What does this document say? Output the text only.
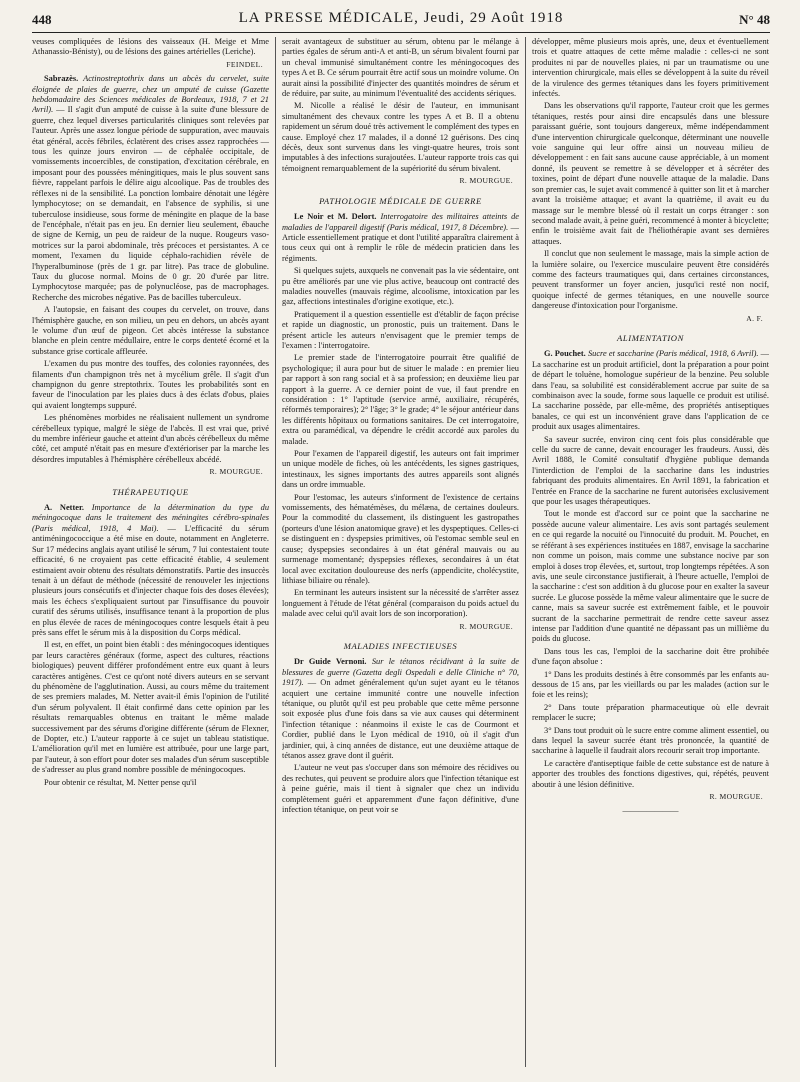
448	LA PRESSE MÉDICALE, Jeudi, 29 Août 1918	N° 48

veuses compliquées de lésions des vaisseaux (H. Meige et Mme Athanassio-Bénisty), ou de lésions des gaines artérielles (Leriche).

FEINDEL.

Sabrazès. Actinostreptothrix dans un abcès du cervelet, suite éloignée de plaies de guerre, chez un amputé de cuisse (Gazette hebdomadaire des Sciences médicales de Bordeaux, 1918, 7 et 21 Avril). — Il s'agit d'un amputé de cuisse à la suite d'une blessure de guerre, chez lequel diverses particularités cliniques sont relevées par l'auteur. Après une assez longue période de suppuration, avec mauvais état général, accès fébriles, éclatèrent des crises assez rapprochées — tous les quinze jours environ — de céphalée occipitale, de vomissements incoercibles, de constipation, d'excitation cérébrale, en imposant pour des poussées méningitiques, mais le plus souvent sans fièvre, rappelant parfois le délire aigu alcoolique. Pas de troubles des réflexes ni de la sensibilité. La ponction lombaire dénotait une légère lymphocytose; on se demandait, en l'absence de syphilis, si une tuberculose insidieuse, sous forme de méningite en plaque de la base de l'encéphale, n'était pas en jeu. En dernier lieu seulement, ébauche de signe de Kernig, un peu de raideur de la nuque. Rougeurs vaso-motrices sur la paroi abdominale, très précoces et persistantes. A ce moment, l'examen du liquide céphalo-rachidien révèle de l'hyperalbuminose (près de 1 gr. par litre). Pas trace de globuline. Taux du glucose normal. Moins de 0 gr. 20 d'urée par litre. Lymphocytose marquée; pas de polynucléose, pas de macrophages. Recherche des microbes négative. Pas de bacilles tuberculeux.

A l'autopsie, en faisant des coupes du cervelet, on trouve, dans l'hémisphère gauche, en son milieu, un peu en dehors, un abcès ayant le volume d'un œuf de pigeon. Cet abcès intéresse la substance blanche en plein centre médullaire, entre le corps denteté écorné et la substance grise corticale affleurée.

L'examen du pus montre des touffes, des colonies rayonnées, des filaments d'un champignon très net à mycélium grêle. Il s'agit d'un champignon du genre streptothrix. Toutes les probabilités sont en faveur de l'inoculation par les plaies ducs à des éclats d'obus, plaies qui avaient longtemps suppuré.

Les phénomènes morbides ne réalisaient nullement un syndrome cérébelleux typique, malgré le siège de l'abcès. Il est vrai que, privé du membre inférieur gauche et atteint d'un abcès cérébelleux du même côté, cet amputé n'était pas en mesure d'extérioriser par la marche les désordres imputables à l'hémisphère cérébelleux abcédé.

R. MOURGUE.
THÉRAPEUTIQUE

A. Netter. Importance de la détermination du type du méningocoque dans le traitement des méningites cérébro-spinales (Paris médical, 1918, 4 Mai). — L'efficacité du sérum antiméningococcique a été mise en doute, notamment en Angleterre. Sur 17 médecins anglais ayant utilisé le sérum, 7 lui contestaient toute efficacité, 6 ne croyaient pas cette efficacité établie, 4 seulement estimaient avoir obtenu des résultats démonstratifs. Partie des insuccès tenait à un défaut de méthode (nécessité de renouveler les injections plusieurs jours consécutifs et d'injecter chaque fois des doses élevées); mais les échecs s'expliquaient surtout par l'insuffisance du pouvoir curatif des sérums utilisés, insuffisance tenant à la proportion de plus en plus élevée de races de méningocoques contre lesquels était à peu près sans effet le sérum mis à la disposition du Corps médical.

Il est, en effet, un point bien établi : des méningocoques identiques par leurs caractères généraux (forme, aspect des cultures, réactions biologiques) peuvent différer profondément entre eux quant à leurs caractères antigènes. C'est ce qu'ont noté divers auteurs en se servant du phénomène de l'agglutination. Aussi, au cours même du traitement de ses premiers malades, M. Netter avait-il émis l'opinion de l'utilité d'un sérum polyvalent. Il était confirmé dans cette opinion par les résultats remarquables obtenus en traitant le même malade successivement par des sérums d'origine différente (sérum de Flexner, de Dopter, etc.) L'auteur rapporte à ce sujet un tableau statistique. L'amélioration qu'il met en lumière est attribuée, pour une large part, par l'auteur, à son effort pour doter ses malades d'un sérum susceptible de s'adresser au plus grand nombre possible de méningocoques.

Pour obtenir ce résultat, M. Netter pense qu'il

serait avantageux de substituer au sérum, obtenu par le mélange à parties égales de sérum anti-A et anti-B, un sérum bivalent fourni par un cheval immunisé simultanément contre les méningocoques des types A et B. Ce sérum pourrait être actif sous un moindre volume. On aurait ainsi la possibilité d'injecter des quantités moindres de sérum et de réduire, par suite, au minimum l'éventualité des accidents sériques.

M. Nicolle a réalisé le désir de l'auteur, en immunisant simultanément des chevaux contre les types A et B. Il a obtenu rapidement un sérum doué très activement le complément des types en cause. Employé chez 17 malades, il a donné 12 guérisons. Des cinq décès, deux sont survenus dans les vingt-quatre heures, trois sont imputables à des infections surajoutées. L'auteur rapporte trois cas qui témoignent remarquablement de la supériorité du sérum bivalent.

R. MOURGUE.
PATHOLOGIE MÉDICALE DE GUERRE

Le Noir et M. Delort. Interrogatoire des militaires atteints de maladies de l'appareil digestif (Paris médical, 1917, 8 Décembre). — Article essentiellement pratique et dont l'utilité apparaîtra clairement à tous ceux qui ont à remplir le rôle de médecin praticien dans les régiments.

Si quelques sujets, auxquels ne convenait pas la vie sédentaire, ont pu être améliorés par une vie plus active, beaucoup ont contracté des maladies nouvelles (mauvais régime, alcoolisme, intoxication par les gaz, affections intestinales d'origine exotique, etc.).

Pratiquement il a question essentielle est d'établir de façon précise et rapide un diagnostic, un pronostic, puis un traitement. Dans le présent article les auteurs n'envisagent que le premier temps de l'examen : l'interrogatoire.

Le premier stade de l'interrogatoire pourrait être qualifié de psychologique; il aura pour but de situer le malade : en premier lieu par rapport à son rang social et à sa profession; en deuxième lieu par rapport à la guerre. A ce dernier point de vue, il faut prendre en considération : 1° l'aptitude (service armé, auxiliaire, récupérés, réformés temporaires); 2° l'âge; 3° le grade; 4° le séjour antérieur dans les différents hôpitaux ou formations sanitaires. De cet interrogatoire, extra ou paramédical, va dépendre le crédit accordé aux paroles du malade.

Pour l'examen de l'appareil digestif, les auteurs ont fait imprimer un unique modèle de fiches, où les antécédents, les signes gastriques, intestinaux, les signes importants des autres appareils sont alignés dans un ordre immuable.

Pour l'estomac, les auteurs s'informent de l'existence de certains vomissements, des hématémèses, du mélæna, de certaines douleurs. Pour la commodité du classement, ils distinguent les gastropathes (porteurs d'une lésion anatomique grave) et les dyspeptiques. Celles-ci se distinguent en : dyspepsies primitives, où l'estomac semble seul en cause; dyspepsies secondaires à un état général mauvais ou au surmenage momentané; dyspepsies réflexes, secondaires à un état local avec excitation douloureuse des nerfs (appendicite, cholécystite, lithiase biliaire ou rénale).

En terminant les auteurs insistent sur la nécessité de s'arrêter assez longuement à l'étude de l'état général (comparaison du poids actuel du malade avec celui qu'il avait lors de son incorporation).

R. MOURGUE.
MALADIES INFECTIEUSES

Dr Guide Vernoni. Sur le tétanos récidivant à la suite de blessures de guerre (Gazetta degli Ospedali e delle Cliniche n° 70, 1917). — On admet généralement qu'un sujet ayant eu le tétanos acquiert une certaine immunité contre une nouvelle infection tétanique, ou plutôt qu'il est peu probable que cette même personne soit exposée plus d'une fois dans sa vie aux causes qui déterminent l'infection tétanique : néanmoins il existe le cas de Courmont et Cordier, publié dans le Lyon médical de 1910, où il s'agit d'un jardinier, qui, à cinq années de distance, eut une deuxième attaque de tétanos assez grave dont il guérit.

L'auteur ne veut pas s'occuper dans son mémoire des récidives ou des rechutes, qui peuvent se produire alors que l'infection tétanique est à peine guérie, mais il tient à signaler que chez un individu complètement guéri et apparemment d'une façon définitive, d'une infection tétanique, on peut voir se

développer, même plusieurs mois après, une, deux et éventuellement trois et quatre attaques de cette même maladie : celles-ci ne sont produites ni par de nouvelles plaies, ni par un traumatisme ou une intervention chirurgicale, mais elles se développent à la suite du réveil de la virulence des germes tétaniques dans les foyers primitivement infectés.

Dans les observations qu'il rapporte, l'auteur croit que les germes tétaniques, restés pour ainsi dire encapsulés dans une blessure paraissant guérie, sont toujours dangereux, même indépendamment d'une intervention chirurgicale quelconque, déterminant une nouvelle voie sanguine qui leur offre ainsi un nouveau milieu de développement : en fait sans aucune cause appréciable, à un moment donné, ils peuvent se remettre à se développer et à sécréter des toxines, point de départ d'une nouvelle attaque de la maladie. Dans son premier cas, le sujet avait commencé à quitter son lit et à marcher avant la troisième attaque; et avant la quatrième, il avait eu du massage sur le membre blessé où il restait un corps étranger : son second malade avait, à peine guéri, recommencé à monter à bicyclette; enfin le troisième avait fait de l'héliothérapie avant ses dernières attaques.

Il conclut que non seulement le massage, mais la simple action de la lumière solaire, ou l'exercice musculaire peuvent être considérés comme des facteurs traumatiques qui, dans certaines circonstances, peuvent transformer un foyer ancien, jusqu'ici resté non nocif, quoique infecté de germes tétaniques, en une nouvelle source dangereuse d'intoxication pour l'organisme.

A. F.
ALIMENTATION

G. Pouchet. Sucre et saccharine (Paris médical, 1918, 6 Avril). — La saccharine est un produit artificiel, dont la préparation a pour point de départ le toluène, homologue supérieur de la benzine. Peu soluble dans l'eau, sa solubilité est considérablement accrue par suite de sa combinaison avec la soude, forme sous laquelle ce produit est utilisé. La saccharine possède, par elle-même, des propriétés antiseptiques banales, ce qui est un inconvénient grave dans l'application de ce produit aux usages alimentaires.

Sa saveur sucrée, environ cinq cent fois plus considérable que celle du sucre de canne, devait encourager les fraudeurs. Aussi, dès Avril 1888, le Comité consultatif d'hygiène publique demanda l'interdiction de l'emploi de la saccharine dans les industries fabriquant des produits alimentaires. En Avril 1891, la fabrication et l'entrée en France de la saccharine ne furent autorisées exclusivement que pour les usages thérapeutiques.

Tout le monde est d'accord sur ce point que la saccharine ne possède aucune valeur alimentaire. Les avis sont partagés seulement en ce qui regarde la nocuité ou l'innocuité du produit. M. Pouchet, en se référant à ses expériences instituées en 1887, envisage la saccharine non comme un poison, mais comme une substance nocive par son emploi à doses trop élevées, et, surtout, trop longtemps répétées. A son avis, une seule circonstance justifierait, à l'heure actuelle, l'emploi de la saccharine : c'est son addition à du glucose pour en exalter la saveur sucrée. Le glucose possède la même valeur alimentaire que le sucre de canne, mais sa saveur sucrée est extrêmement faible, et le pouvoir sucrant de la saccharine permettrait de rendre cette saveur assez intense par l'addition d'une quantité ne dépassant pas un millième du poids du glucose.

Dans tous les cas, l'emploi de la saccharine doit être prohibée d'une façon absolue :

1° Dans les produits destinés à être consommés par les enfants au-dessous de 15 ans, par les vieillards ou par les malades (action sur le foie et les reins);

2° Dans toute préparation pharmaceutique où elle devrait remplacer le sucre;

3° Dans tout produit où le sucre entre comme aliment essentiel, ou dans lequel la saveur sucrée étant très prononcée, la quantité de saccharine à laquelle il faudrait alors recourir serait trop importante.

Le caractère d'antiseptique faible de cette substance est de nature à apporter des troubles des fonctions digestives, qui, répétés, peuvent aboutir à une lésion définitive.

R. MOURGUE.
———————
